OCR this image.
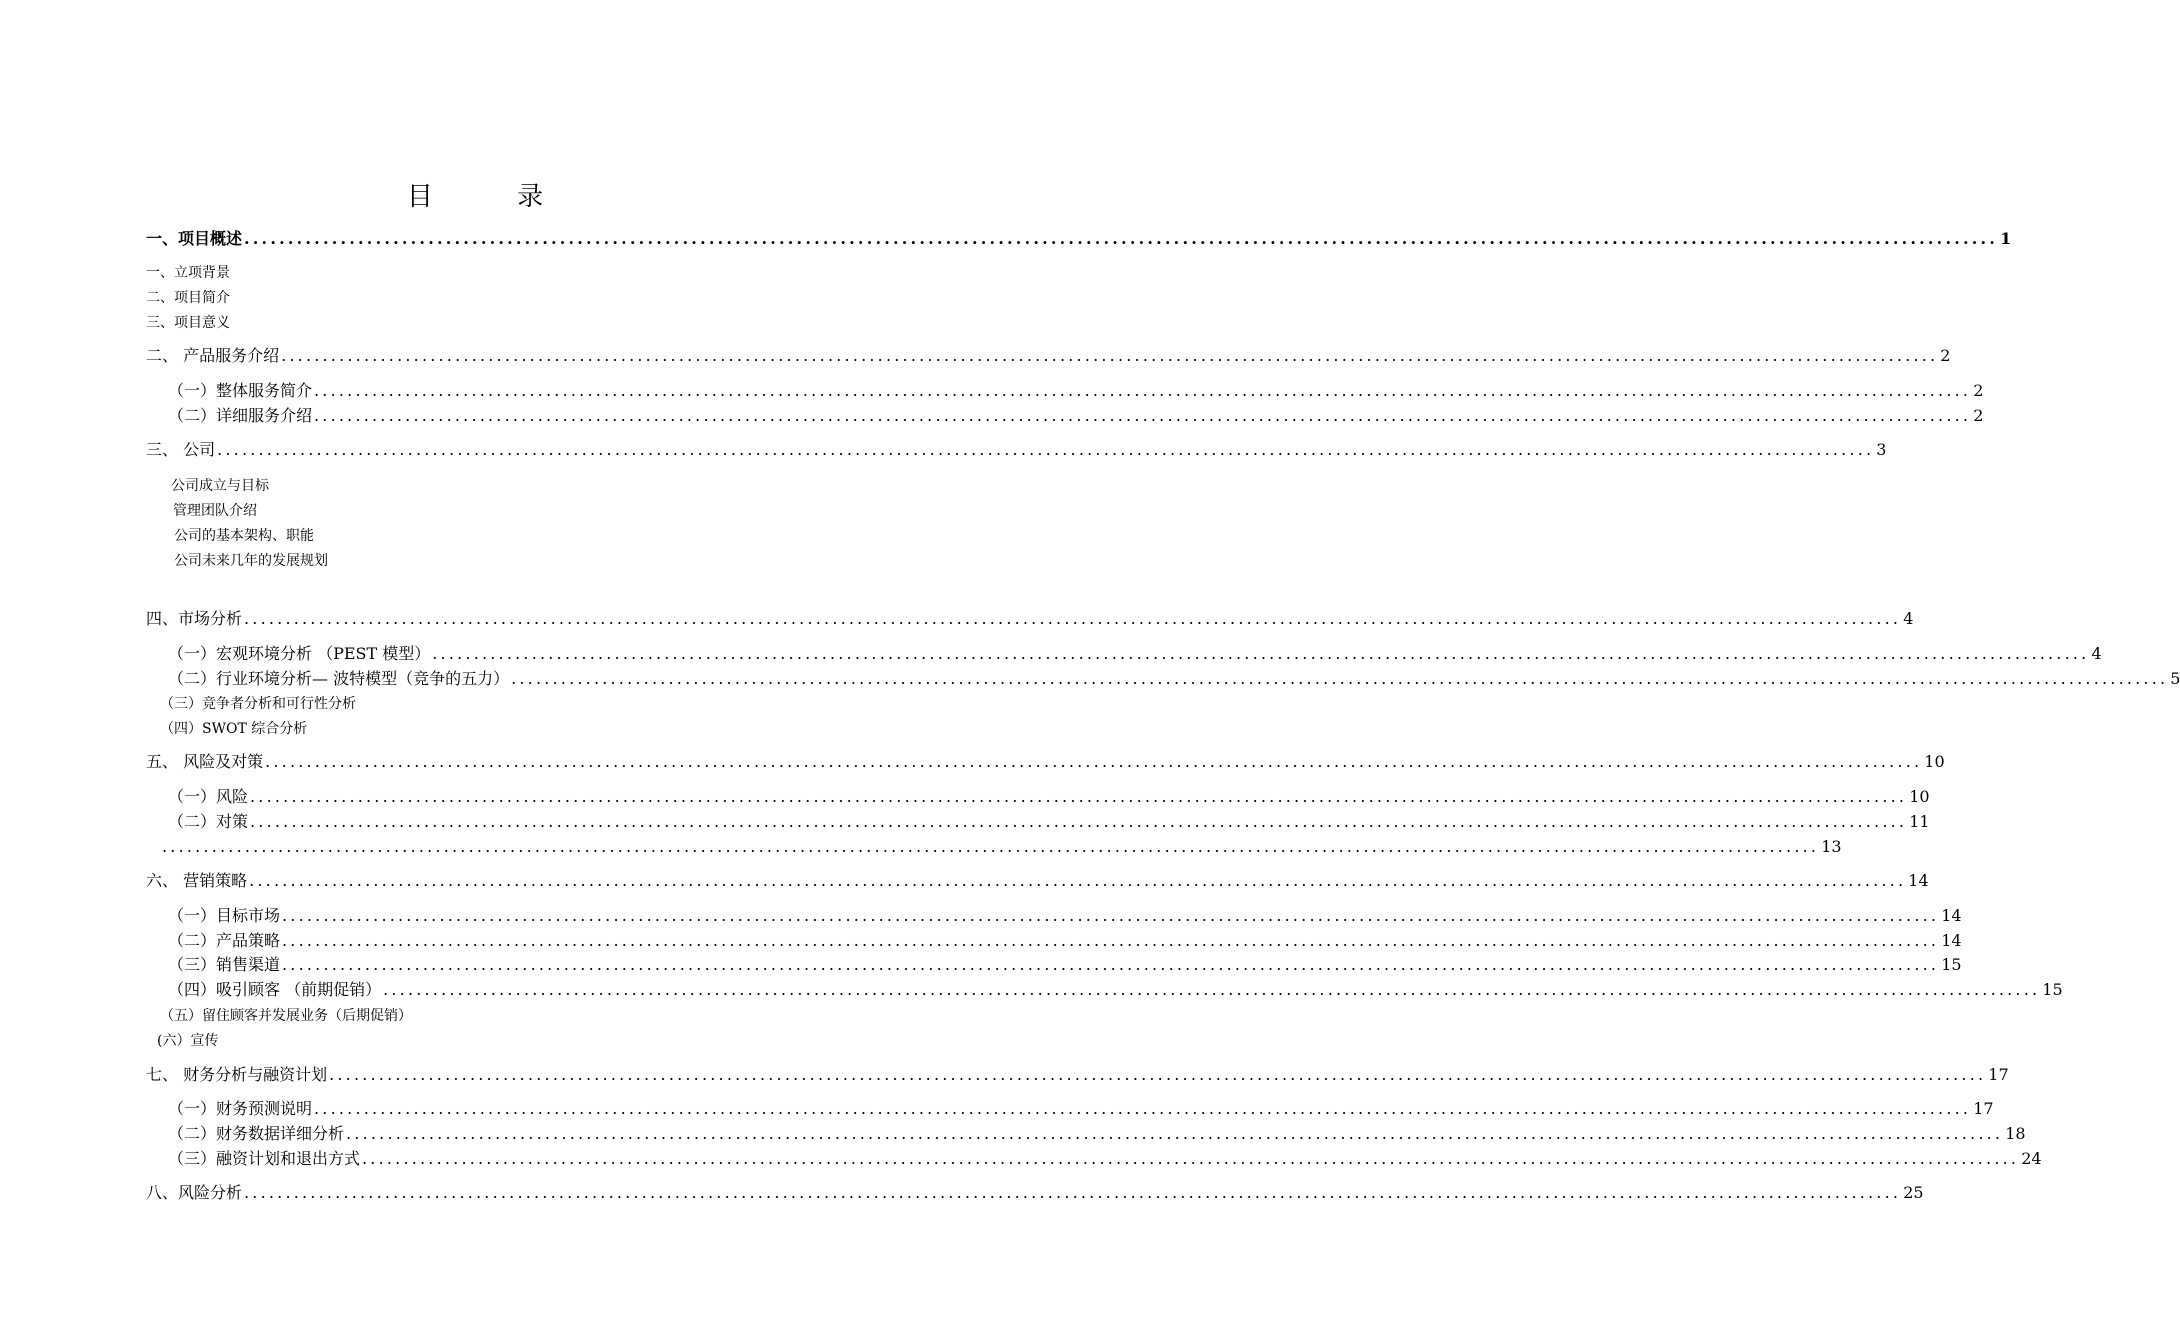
目 录
一、项目概述 ........................................................................................................................................................................................................ 1
一、立项背景
二、项目简介
三、项目意义
二、 产品服务介绍 ........................................................................................................................................................................................................ 2
（一）整体服务简介 ........................................................................................................................................................................................................ 2
（二）详细服务介绍 ........................................................................................................................................................................................................ 2
三、 公司 ........................................................................................................................................................................................................ 3
公司成立与目标
管理团队介绍
公司的基本架构、职能
公司未来几年的发展规划
四、市场分析 ........................................................................................................................................................................................................ 4
（一）宏观环境分析 （PEST 模型） ........................................................................................................................................................................................................ 4
（二）行业环境分析— 波特模型（竞争的五力） ........................................................................................................................................................................................................ 5
（三）竞争者分析和可行性分析
（四）SWOT 综合分析
五、 风险及对策 ........................................................................................................................................................................................................ 10
（一）风险 ........................................................................................................................................................................................................ 10
（二）对策 ........................................................................................................................................................................................................ 11
........................................................................................................................................................................................................ 13
六、 营销策略 ........................................................................................................................................................................................................ 14
（一）目标市场 ........................................................................................................................................................................................................ 14
（二）产品策略 ........................................................................................................................................................................................................ 14
（三）销售渠道 ........................................................................................................................................................................................................ 15
（四）吸引顾客 （前期促销） ........................................................................................................................................................................................................ 15
（五）留住顾客并发展业务（后期促销）
(六）宣传
七、 财务分析与融资计划 ........................................................................................................................................................................................................ 17
（一）财务预测说明 ........................................................................................................................................................................................................ 17
（二）财务数据详细分析 ........................................................................................................................................................................................................ 18
（三）融资计划和退出方式 ........................................................................................................................................................................................................ 24
八、风险分析 ........................................................................................................................................................................................................ 25
